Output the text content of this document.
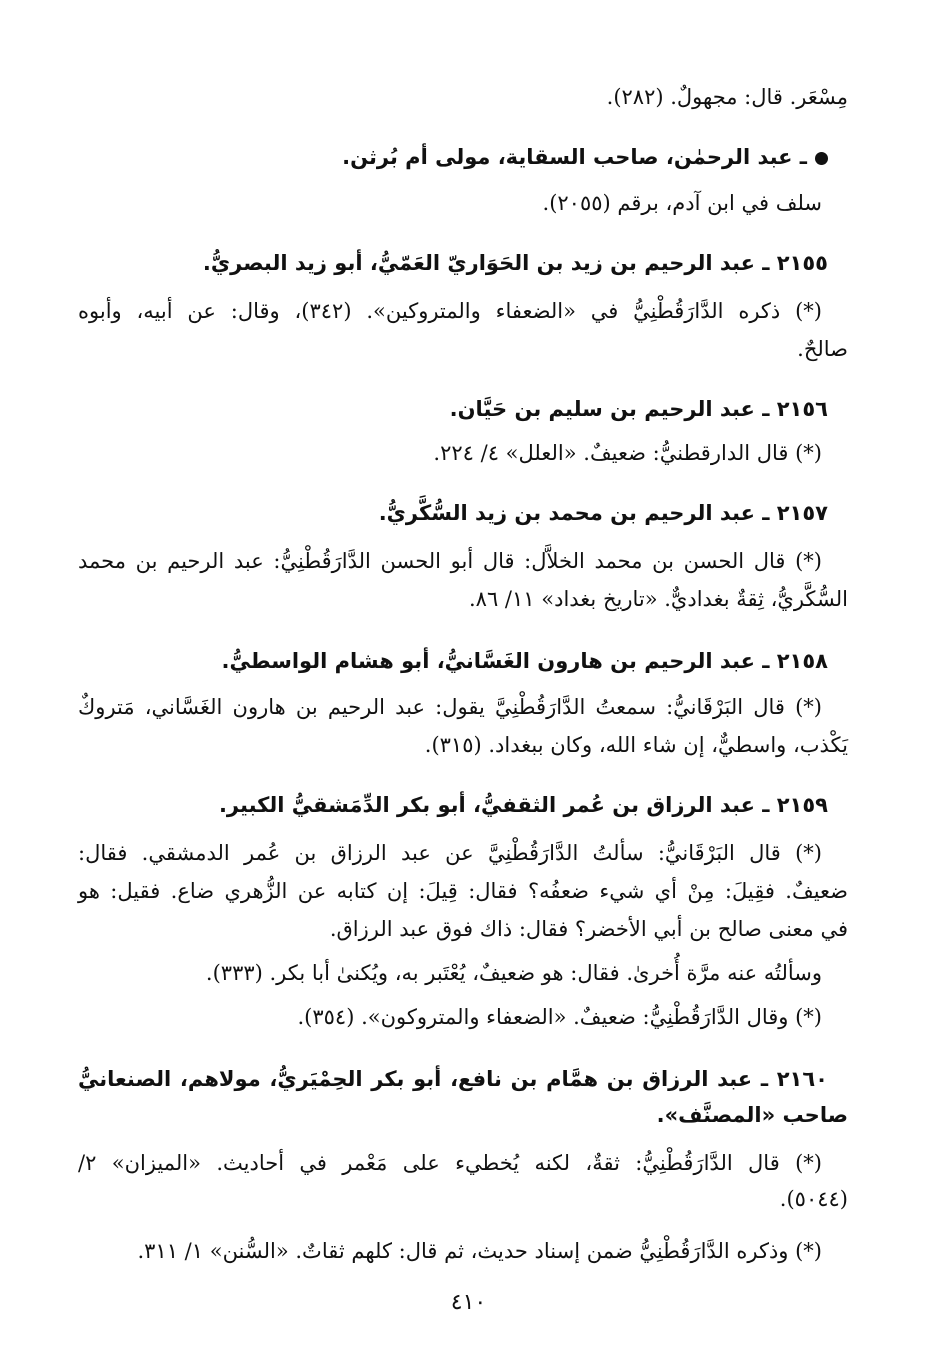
مِسْعَر. قال: مجهولٌ. (٢٨٢).
ـ عبد الرحمٰن، صاحب السقاية، مولى أم بُرثن.
سلف في ابن آدم، برقم (٢٠٥٥).
٢١٥٥ ـ عبد الرحيم بن زيد بن الحَوَاريّ العَمّيُّ، أبو زيد البصريُّ.
(*) ذكره الدَّارَقُطْنِيُّ في «الضعفاء والمتروكين». (٣٤٢)، وقال: عن أبيه، وأبوه
صالحٌ.
٢١٥٦ ـ عبد الرحيم بن سليم بن حَيَّان.
(*) قال الدارقطنيُّ: ضعيفٌ. «العلل» ٤/ ٢٢٤.
٢١٥٧ ـ عبد الرحيم بن محمد بن زيد السُّكَّريُّ.
(*) قال الحسن بن محمد الخلاَّل: قال أبو الحسن الدَّارَقُطْنِيُّ: عبد الرحيم بن محمد
السُّكَّريُّ، ثِقةٌ بغداديٌّ. «تاريخ بغداد» ١١/ ٨٦.
٢١٥٨ ـ عبد الرحيم بن هارون الغَسَّانيُّ، أبو هشام الواسطيُّ.
(*) قال البَرْقَانيُّ: سمعتُ الدَّارَقُطْنِيَّ يقول: عبد الرحيم بن هارون الغَسَّاني، مَتروكٌ
يَكْذب، واسطيٌّ، إن شاء الله، وكان ببغداد. (٣١٥).
٢١٥٩ ـ عبد الرزاق بن عُمر الثقفيُّ، أبو بكر الدِّمَشقيُّ الكبير.
(*) قال البَرْقَانيُّ: سألتُ الدَّارَقُطْنِيَّ عن عبد الرزاق بن عُمر الدمشقي. فقال:
ضعيفٌ. فقِيلَ: مِنْ أي شيء ضعفُه؟ فقال: قِيلَ: إن كتابه عن الزُّهري ضاع. فقيل: هو
في معنى صالح بن أبي الأخضر؟ فقال: ذاك فوق عبد الرزاق.
وسألتُه عنه مرَّة أُخرىٰ. فقال: هو ضعيفٌ، يُعْتَبر به، ويُكنىٰ أبا بكر. (٣٣٣).
(*) وقال الدَّارَقُطْنِيُّ: ضعيفٌ. «الضعفاء والمتروكون». (٣٥٤).
٢١٦٠ ـ عبد الرزاق بن همَّام بن نافع، أبو بكر الحِمْيَريُّ، مولاهم، الصنعانيُّ
صاحب «المصنَّف».
(*) قال الدَّارَقُطْنِيُّ: ثقةٌ، لكنه يُخطيء على مَعْمر في أحاديث. «الميزان» ٢/
(٥٠٤٤).
(*) وذكره الدَّارَقُطْنِيُّ ضمن إسناد حديث، ثم قال: كلهم ثقاتٌ. «السُّنن» ١/ ٣١١.
٤١٠
